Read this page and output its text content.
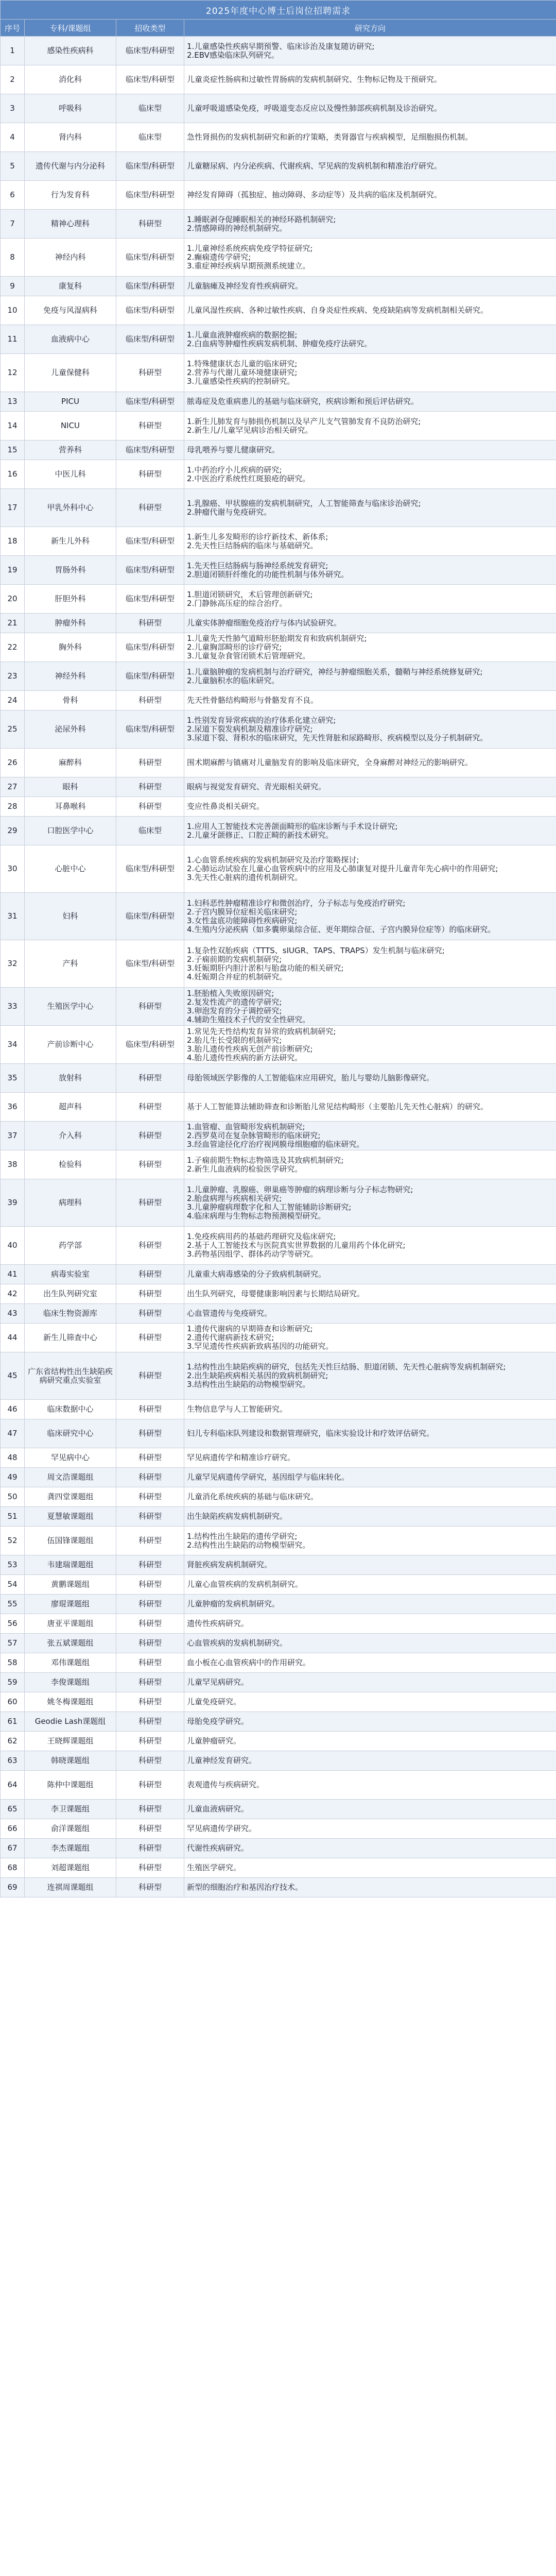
2025年度中心博士后岗位招聘需求			
序号	专科/课题组	招收类型	研究方向
1	感染性疾病科	临床型/科研型	1.儿童感染性疾病早期预警、临床诊治及康复随访研究;
2.EBV感染临床队列研究。

2	消化科	临床型/科研型	儿童炎症性肠病和过敏性胃肠病的发病机制研究、生物标记物及干预研究。

3	呼吸科	临床型	儿童呼吸道感染免疫，呼吸道变态反应以及慢性肺部疾病机制及诊治研究。

4	肾内科	临床型	急性肾损伤的发病机制研究和新的疗策略，类肾器官与疾病模型，足细胞损伤机制。

5	遗传代谢与内分泌科	临床型/科研型	儿童糖尿病、内分泌疾病、代谢疾病、罕见病的发病机制和精准治疗研究。

6	行为发育科	临床型/科研型	神经发育障碍（孤独症、抽动障碍、多动症等）及共病的临床及机制研究。

7	精神心理科	科研型	1.睡眠剥夺促睡眠相关的神经环路机制研究;
2.情感障碍的神经机制研究。

8	神经内科	临床型/科研型	1.儿童神经系统疾病免疫学特征研究;
2.癫痫遗传学研究;
3.重症神经疾病早期预测系统建立。

9	康复科	临床型/科研型	儿童脑瘫及神经发育性疾病研究。

10	免疫与风湿病科	临床型/科研型	儿童风湿性疾病、各种过敏性疾病、自身炎症性疾病、免疫缺陷病等发病机制相关研究。

11	血液病中心	临床型/科研型	1.儿童血液肿瘤疾病的数据挖掘;
2.白血病等肿瘤性疾病发病机制、肿瘤免疫疗法研究。

12	儿童保健科	科研型	1.特殊健康状态儿童的临床研究;
2.营养与代谢儿童环境健康研究;
3.儿童感染性疾病的控制研究。

13	PICU	临床型/科研型	脓毒症及危重病患儿的基础与临床研究，疾病诊断和预后评估研究。

14	NICU	科研型	1.新生儿肺发育与肺损伤机制以及早产儿支气管肺发育不良防治研究;
2.新生儿/儿童罕见病诊治相关研究。

15	营养科	临床型/科研型	母乳喂养与婴儿健康研究。

16	中医儿科	科研型	1.中药治疗小儿疾病的研究;
2.中医治疗系统性红斑狼疮的研究。

17	甲乳外科中心	科研型	1.乳腺癌、甲状腺癌的发病机制研究，人工智能筛查与临床诊治研究;
2.肿瘤代谢与免疫研究。

18	新生儿外科	临床型/科研型	1.新生儿多发畸形的诊疗新技术、新体系;
2.先天性巨结肠病的临床与基础研究。

19	胃肠外科	临床型/科研型	1.先天性巨结肠病与肠神经系统发育研究;
2.胆道闭锁肝纤维化的功能性机制与体外研究。

20	肝胆外科	临床型/科研型	1.胆道闭锁研究，术后管理创新研究;
2.门静脉高压症的综合治疗。

21	肿瘤外科	科研型	儿童实体肿瘤细胞免疫治疗与体内试验研究。

22	胸外科	临床型/科研型	1.儿童先天性肺气道畸形胚胎期发育和致病机制研究;
2.儿童胸部畸形的诊疗研究;
3.儿童复杂食管闭锁术后管理研究。

23	神经外科	临床型/科研型	1.儿童脑肿瘤的发病机制与治疗研究，神经与肿瘤细胞关系，髓鞘与神经系统修复研究;
2.儿童脑积水的临床研究。

24	骨科	科研型	先天性骨骼结构畸形与骨骼发育不良。

25	泌尿外科	临床型/科研型	1.性别发育异常疾病的治疗体系化建立研究;
2.尿道下裂发病机制及精准诊疗研究;
3.尿道下裂、肾积水的临床研究，先天性肾脏和尿路畸形、疾病模型以及分子机制研究。

26	麻醉科	科研型	围术期麻醉与镇痛对儿童脑发育的影响及临床研究，全身麻醉对神经元的影响研究。

27	眼科	科研型	眼病与视觉发育研究、青光眼相关研究。

28	耳鼻喉科	科研型	变应性鼻炎相关研究。

29	口腔医学中心	临床型	1.应用人工智能技术完善颌面畸形的临床诊断与手术设计研究;
2.儿童牙颌修正、口腔正畸的新技术研究。

30	心脏中心	临床型/科研型	1.心血管系统疾病的发病机制研究及治疗策略探讨;
2.心肺运动试验在儿童心血管疾病中的应用及心肺康复对提升儿童青年先心病中的作用研究;
3.先天性心脏病的遗传机制研究。

31	妇科	临床型/科研型	1.妇科恶性肿瘤精准诊疗和微创治疗，分子标志与免疫治疗研究;
2.子宫内膜异位症相关临床研究;
3.女性盆底功能障碍性疾病研究;
4.生殖内分泌疾病（如多囊卵巢综合征、更年期综合征、子宫内膜异位症等）的临床研究。

32	产科	临床型/科研型	1.复杂性双胎疾病（TTTS、sIUGR、TAPS、TRAPS）发生机制与临床研究;
2.子痫前期的发病机制研究;
3.妊娠期肝内胆汁淤积与胎盘功能的相关研究;
4.妊娠期合并症的机制研究。

33	生殖医学中心	科研型	1.胚胎植入失败原因研究;
2.复发性流产的遗传学研究;
3.卵泡发育的分子调控研究;
4.辅助生殖技术子代的安全性研究。

34	产前诊断中心	临床型/科研型	1.常见先天性结构发育异常的致病机制研究;
2.胎儿生长受限的机制研究;
3.胎儿遗传性疾病无创产前诊断研究;
4.胎儿遗传性疾病的新方法研究。

35	放射科	科研型	母胎领域医学影像的人工智能临床应用研究，胎儿与婴幼儿脑影像研究。

36	超声科	科研型	基于人工智能算法辅助筛查和诊断胎儿常见结构畸形（主要胎儿先天性心脏病）的研究。

37	介入科	科研型	1.血管瘤、血管畸形发病机制研究;
2.西罗莫司在复杂脉管畸形的临床研究;
3.经血管途径化疗治疗视网膜母细胞瘤的临床研究。

38	检验科	科研型	1.子痫前期生物标志物筛选及其致病机制研究;
2.新生儿血液病的检验医学研究。

39	病理科	科研型	1.儿童肿瘤、乳腺癌、卵巢癌等肿瘤的病理诊断与分子标志物研究;
2.胎盘病理与疾病相关研究;
3.儿童肿瘤病理数字化和人工智能辅助诊断研究;
4.临床病理与生物标志物预测模型研究。

40	药学部	科研型	1.免疫疾病用药的基础药理研究及临床研究;
2.基于人工智能技术与医院真实世界数据的儿童用药个体化研究;
3.药物基因组学、群体药动学等研究。

41	病毒实验室	科研型	儿童重大病毒感染的分子致病机制研究。

42	出生队列研究室	科研型	出生队列研究，母婴健康影响因素与长期结局研究。

43	临床生物资源库	科研型	心血管遗传与免疫研究。

44	新生儿筛查中心	科研型	1.遗传代谢病的早期筛查和诊断研究;
2.遗传代谢病新技术研究;
3.罕见遗传性疾病新致病基因的功能研究。

45	广东省结构性出生缺陷疾病研究重点实验室	科研型	1.结构性出生缺陷疾病的研究，包括先天性巨结肠、胆道闭锁、先天性心脏病等发病机制研究;
2.出生缺陷疾病相关基因的致病机制研究;
3.结构性出生缺陷的动物模型研究。

46	临床数据中心	科研型	生物信息学与人工智能研究。

47	临床研究中心	科研型	妇儿专科临床队列建设和数据管理研究，临床实验设计和疗效评估研究。

48	罕见病中心	科研型	罕见病遗传学和精准诊疗研究。

49	周文浩课题组	科研型	儿童罕见病遗传学研究，基因组学与临床转化。

50	龚四堂课题组	科研型	儿童消化系统疾病的基础与临床研究。

51	夏慧敏课题组	科研型	出生缺陷疾病发病机制研究。

52	伍国锋课题组	科研型	1.结构性出生缺陷的遗传学研究;
2.结构性出生缺陷的动物模型研究。

53	韦建瑞课题组	科研型	肾脏疾病发病机制研究。

54	黄鹏课题组	科研型	儿童心血管疾病的发病机制研究。

55	廖琨课题组	科研型	儿童肿瘤的发病机制研究。

56	唐亚平课题组	科研型	遗传性疾病研究。

57	张五斌课题组	科研型	心血管疾病的发病机制研究。

58	邓伟课题组	科研型	血小板在心血管疾病中的作用研究。

59	李俊课题组	科研型	儿童罕见病研究。

60	姚冬梅课题组	科研型	儿童免疫研究。

61	Geodie Lash课题组	科研型	母胎免疫学研究。

62	王晓辉课题组	科研型	儿童肿瘤研究。

63	韩晓课题组	科研型	儿童神经发育研究。

64	陈仲中课题组	科研型	表观遗传与疾病研究。

65	李卫课题组	科研型	儿童血液病研究。

66	俞洋课题组	科研型	罕见病遗传学研究。

67	李杰课题组	科研型	代谢性疾病研究。

68	刘超课题组	科研型	生殖医学研究。

69	连祺周课题组	科研型	新型的细胞治疗和基因治疗技术。
